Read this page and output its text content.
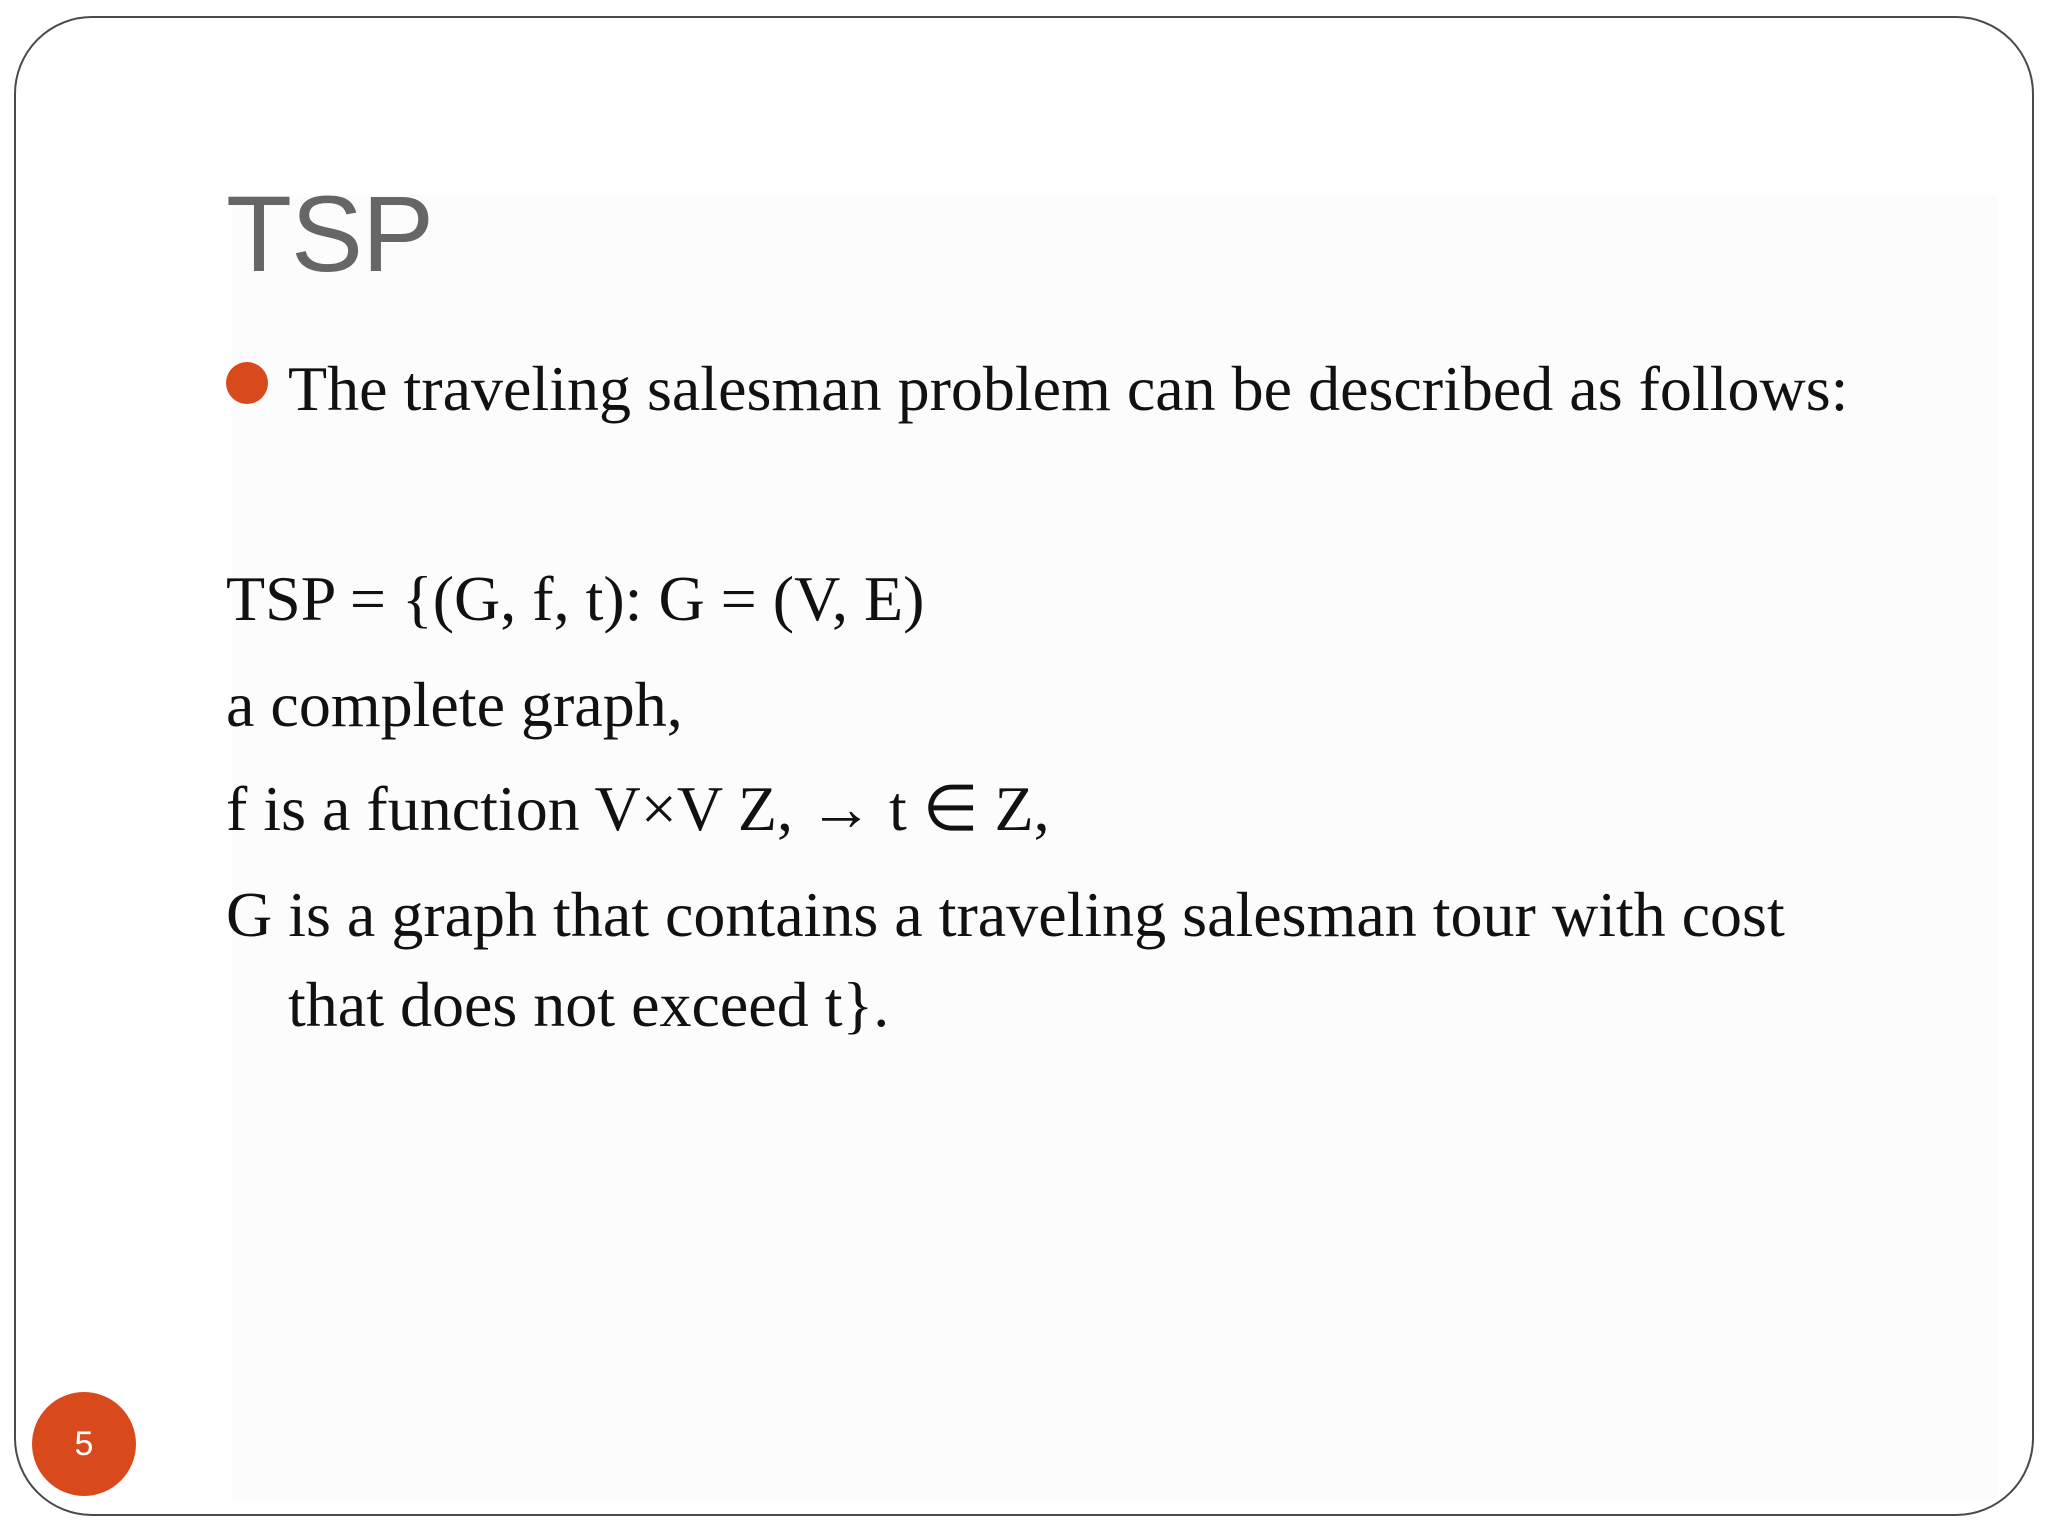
TSP
The traveling salesman problem can be described as follows:
TSP = {(G, f, t): G = (V, E)
a complete graph,
f is a function V×V Z, → t ∈ Z,
G is a graph that contains a traveling salesman tour with cost
that does not exceed t}.
5
